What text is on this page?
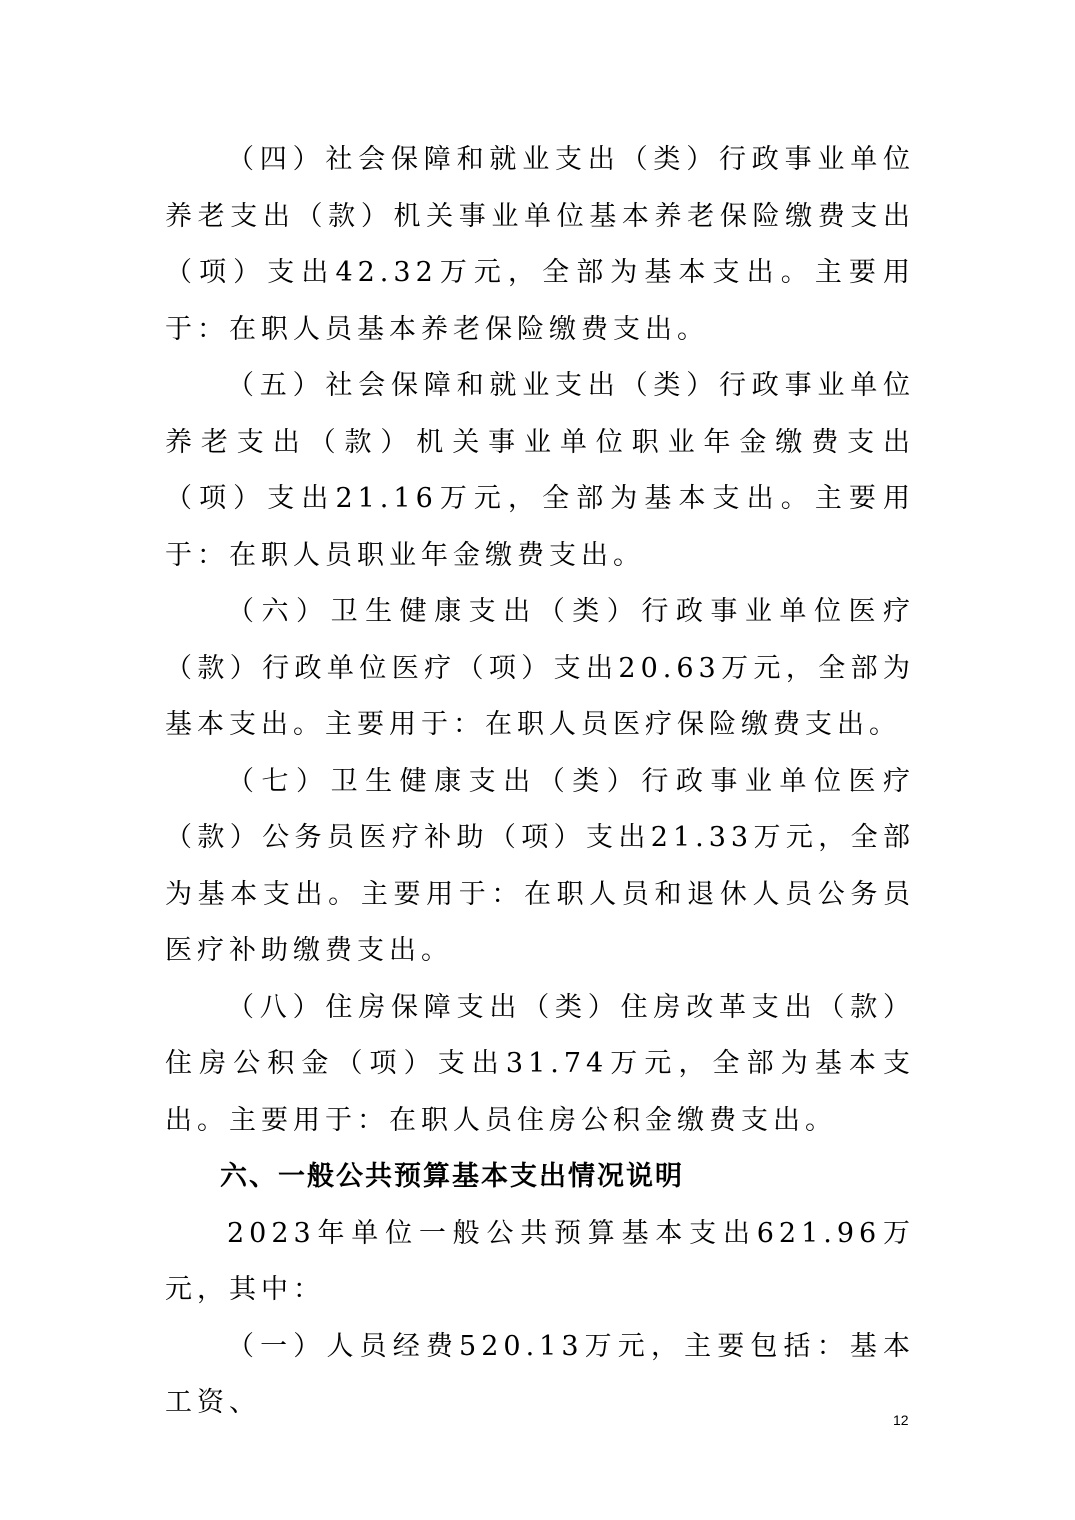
（四）社会保障和就业支出（类）行政事业单位养老支出（款）机关事业单位基本养老保险缴费支出（项）支出42.32万元，全部为基本支出。主要用于：在职人员基本养老保险缴费支出。

（五）社会保障和就业支出（类）行政事业单位养老支出（款）机关事业单位职业年金缴费支出（项）支出21.16万元，全部为基本支出。主要用于：在职人员职业年金缴费支出。

（六）卫生健康支出（类）行政事业单位医疗（款）行政单位医疗（项）支出20.63万元，全部为基本支出。主要用于：在职人员医疗保险缴费支出。

（七）卫生健康支出（类）行政事业单位医疗（款）公务员医疗补助（项）支出21.33万元，全部为基本支出。主要用于：在职人员和退休人员公务员医疗补助缴费支出。

（八）住房保障支出（类）住房改革支出（款）住房公积金（项）支出31.74万元，全部为基本支出。主要用于：在职人员住房公积金缴费支出。

六、一般公共预算基本支出情况说明

2023年单位一般公共预算基本支出621.96万元，其中：

（一）人员经费520.13万元，主要包括：基本工资、

12
